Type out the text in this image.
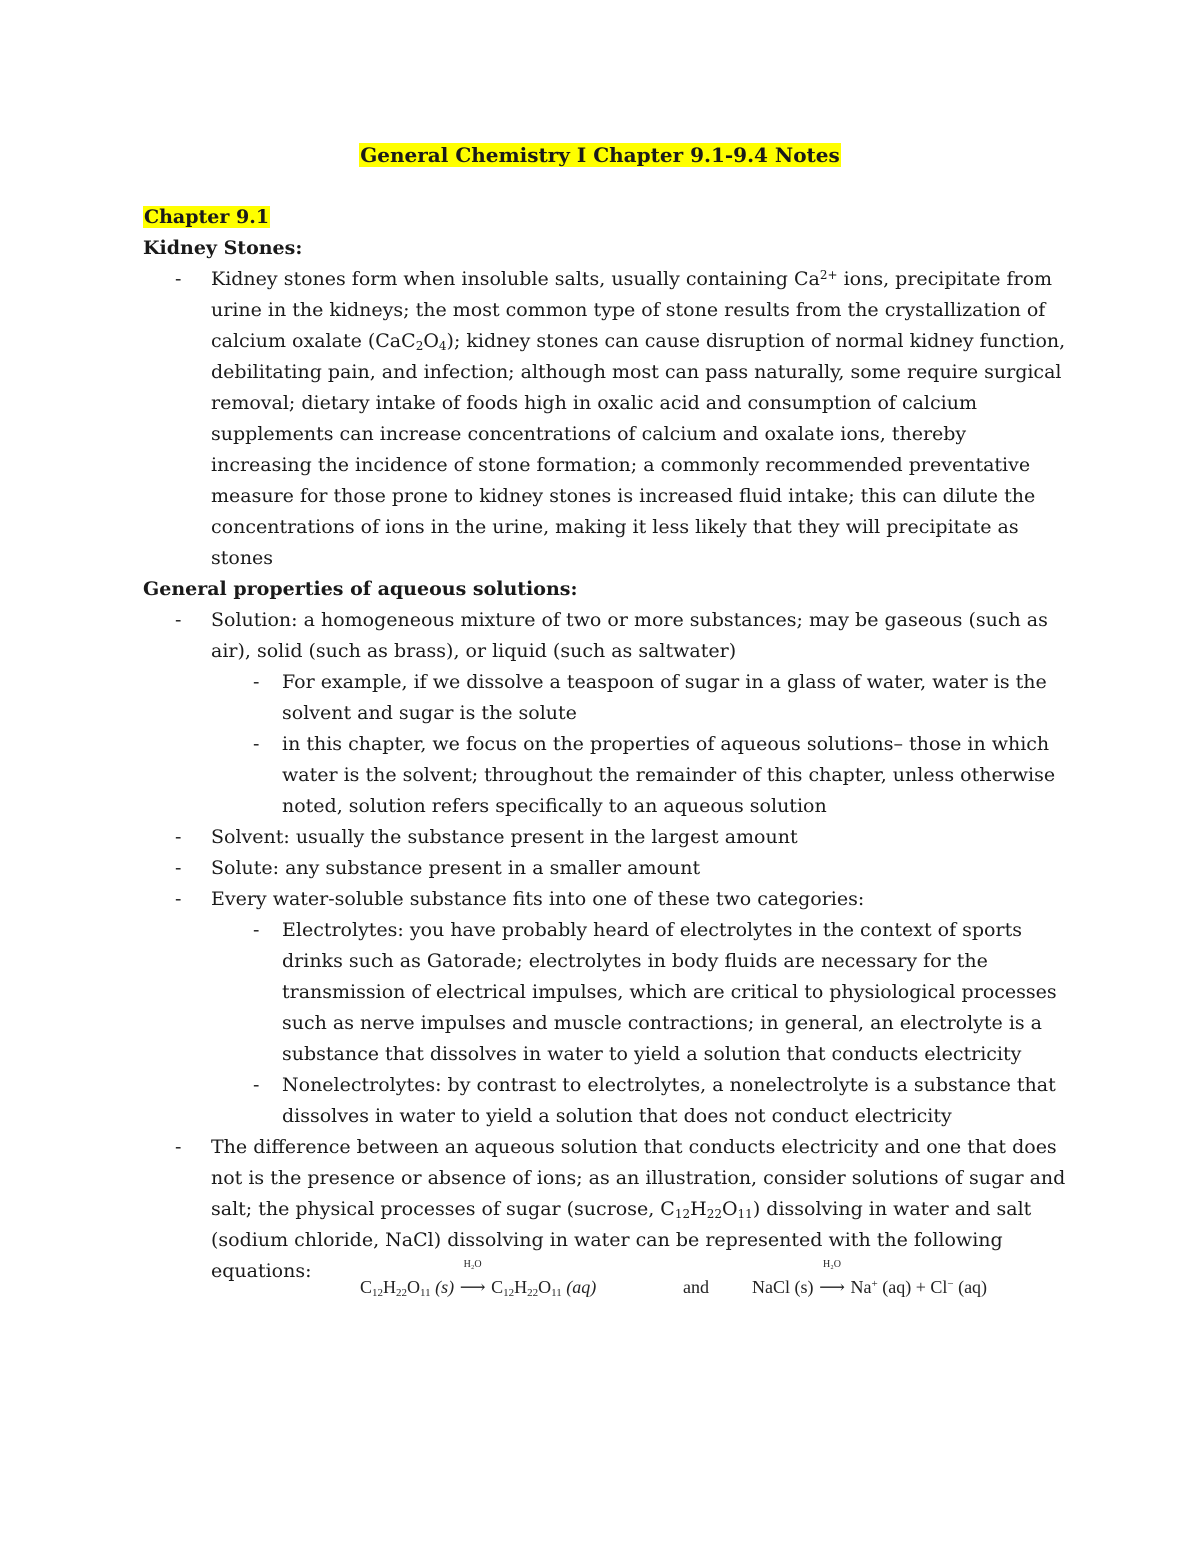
General Chemistry I Chapter 9.1-9.4 Notes

Chapter 9.1

Kidney Stones:

- Kidney stones form when insoluble salts, usually containing $Ca^{2+}$ ions, precipitate from urine in the kidneys; the most common type of stone results from the crystallization of calcium oxalate $(CaC_2O_4)$; kidney stones can cause disruption of normal kidney function, debilitating pain, and infection; although most can pass naturally, some require surgical removal; dietary intake of foods high in oxalic acid and consumption of calcium supplements can increase concentrations of calcium and oxalate ions, thereby increasing the incidence of stone formation; a commonly recommended preventative measure for those prone to kidney stones is increased fluid intake; this can dilute the concentrations of ions in the urine, making it less likely that they will precipitate as stones

General properties of aqueous solutions:

- Solution: a homogeneous mixture of two or more substances; may be gaseous (such as air), solid (such as brass), or liquid (such as saltwater)

- For example, if we dissolve a teaspoon of sugar in a glass of water, water is the solvent and sugar is the solute

- in this chapter, we focus on the properties of aqueous solutions– those in which water is the solvent; throughout the remainder of this chapter, unless otherwise noted, solution refers specifically to an aqueous solution

- Solvent: usually the substance present in the largest amount

- Solute: any substance present in a smaller amount

- Every water-soluble substance fits into one of these two categories:

- Electrolytes: you have probably heard of electrolytes in the context of sports drinks such as Gatorade; electrolytes in body fluids are necessary for the transmission of electrical impulses, which are critical to physiological processes such as nerve impulses and muscle contractions; in general, an electrolyte is a substance that dissolves in water to yield a solution that conducts electricity

- Nonelectrolytes: by contrast to electrolytes, a nonelectrolyte is a substance that dissolves in water to yield a solution that does not conduct electricity

- The difference between an aqueous solution that conducts electricity and one that does not is the presence or absence of ions; as an illustration, consider solutions of sugar and salt; the physical processes of sugar (sucrose, $C_{12}H_{22}O_{11}$) dissolving in water and salt (sodium chloride, NaCl) dissolving in water can be represented with the following equations:

C12H22O11 (s)
H₂O
⟶ C12H22O11 (aq)	and NaCl (s)
H₂O
⟶ Na+ (aq) + Cl− (aq)
